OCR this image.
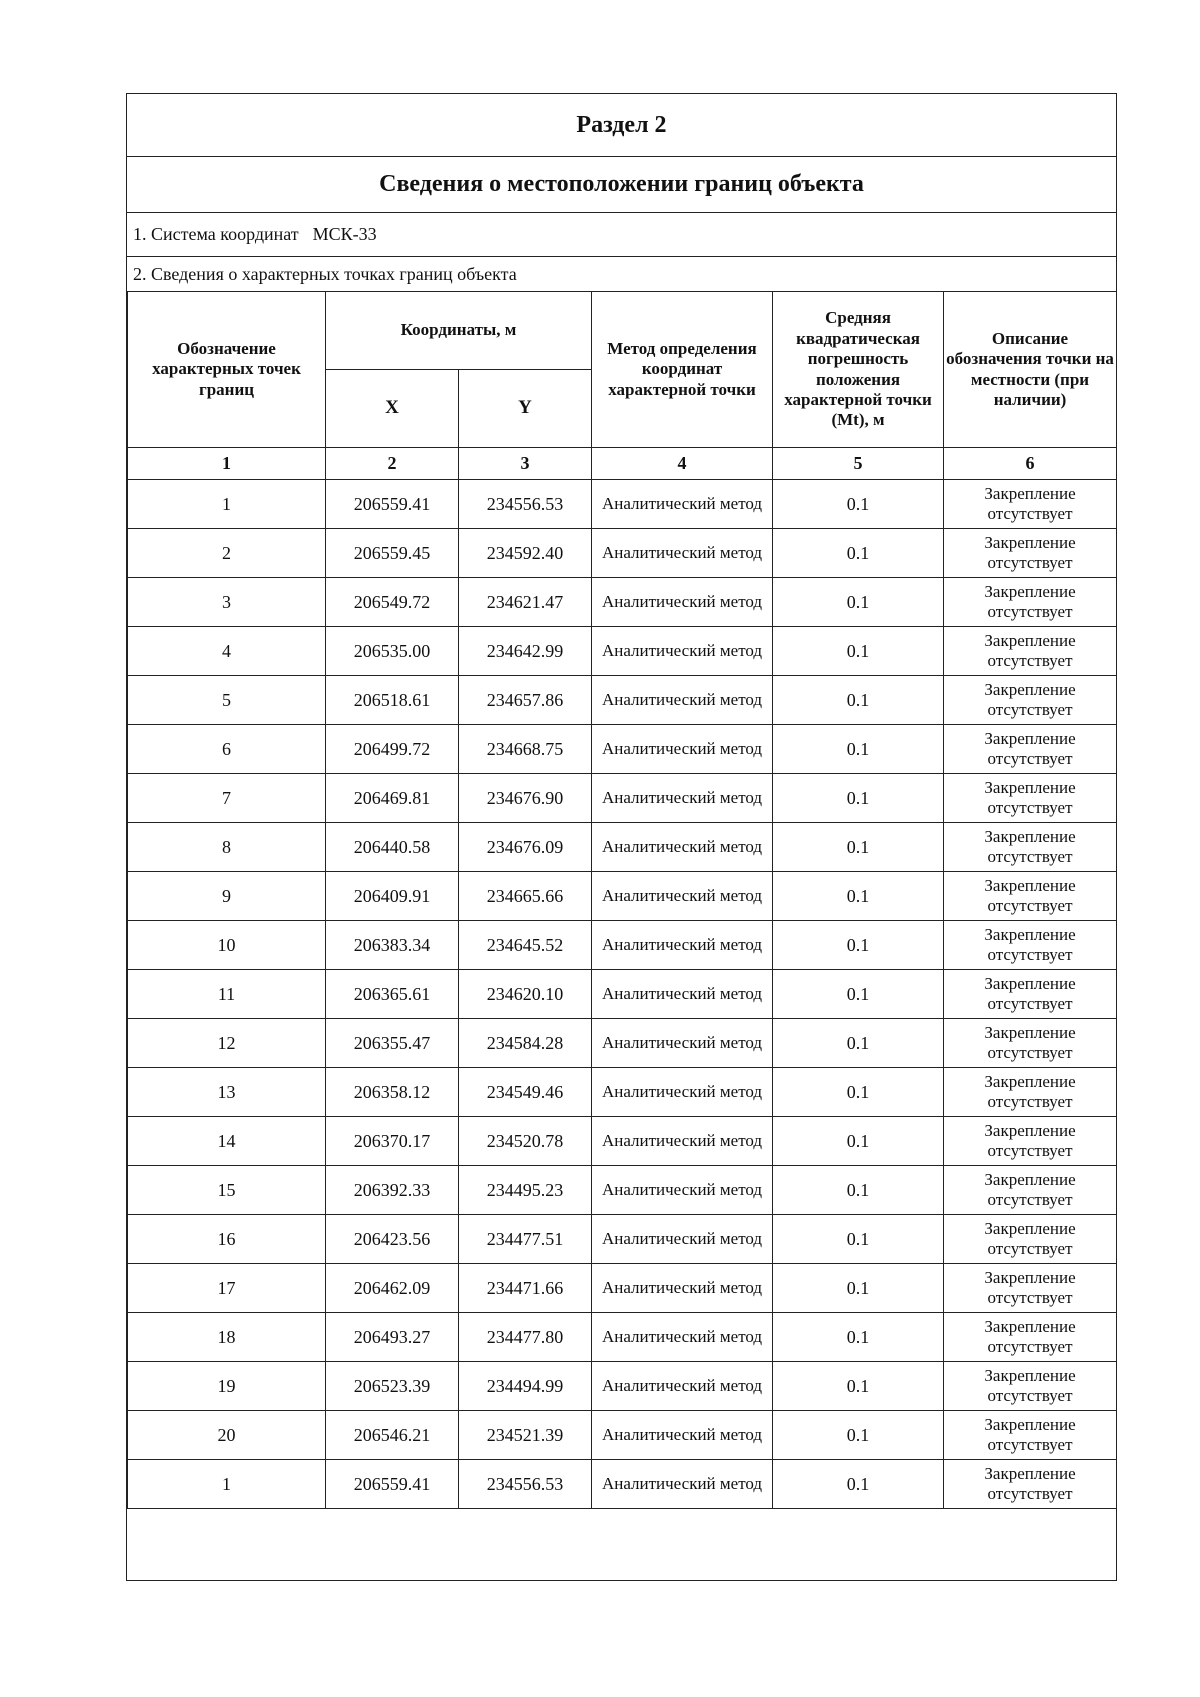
Раздел 2
Сведения о местоположении границ объекта
1. Система координат МСК-33
2. Сведения о характерных точках границ объекта
Обозначение характерных точек границ	Координаты, м		Метод определения координат характерной точки	Средняя квадратическая погрешность положения характерной точки (Mt), м	Описание обозначения точки на местности (при наличии)
	X	Y			
1	2	3	4	5	6
1	206559.41	234556.53	Аналитический метод	0.1	Закрепление отсутствует
2	206559.45	234592.40	Аналитический метод	0.1	Закрепление отсутствует
3	206549.72	234621.47	Аналитический метод	0.1	Закрепление отсутствует
4	206535.00	234642.99	Аналитический метод	0.1	Закрепление отсутствует
5	206518.61	234657.86	Аналитический метод	0.1	Закрепление отсутствует
6	206499.72	234668.75	Аналитический метод	0.1	Закрепление отсутствует
7	206469.81	234676.90	Аналитический метод	0.1	Закрепление отсутствует
8	206440.58	234676.09	Аналитический метод	0.1	Закрепление отсутствует
9	206409.91	234665.66	Аналитический метод	0.1	Закрепление отсутствует
10	206383.34	234645.52	Аналитический метод	0.1	Закрепление отсутствует
11	206365.61	234620.10	Аналитический метод	0.1	Закрепление отсутствует
12	206355.47	234584.28	Аналитический метод	0.1	Закрепление отсутствует
13	206358.12	234549.46	Аналитический метод	0.1	Закрепление отсутствует
14	206370.17	234520.78	Аналитический метод	0.1	Закрепление отсутствует
15	206392.33	234495.23	Аналитический метод	0.1	Закрепление отсутствует
16	206423.56	234477.51	Аналитический метод	0.1	Закрепление отсутствует
17	206462.09	234471.66	Аналитический метод	0.1	Закрепление отсутствует
18	206493.27	234477.80	Аналитический метод	0.1	Закрепление отсутствует
19	206523.39	234494.99	Аналитический метод	0.1	Закрепление отсутствует
20	206546.21	234521.39	Аналитический метод	0.1	Закрепление отсутствует
1	206559.41	234556.53	Аналитический метод	0.1	Закрепление отсутствует
